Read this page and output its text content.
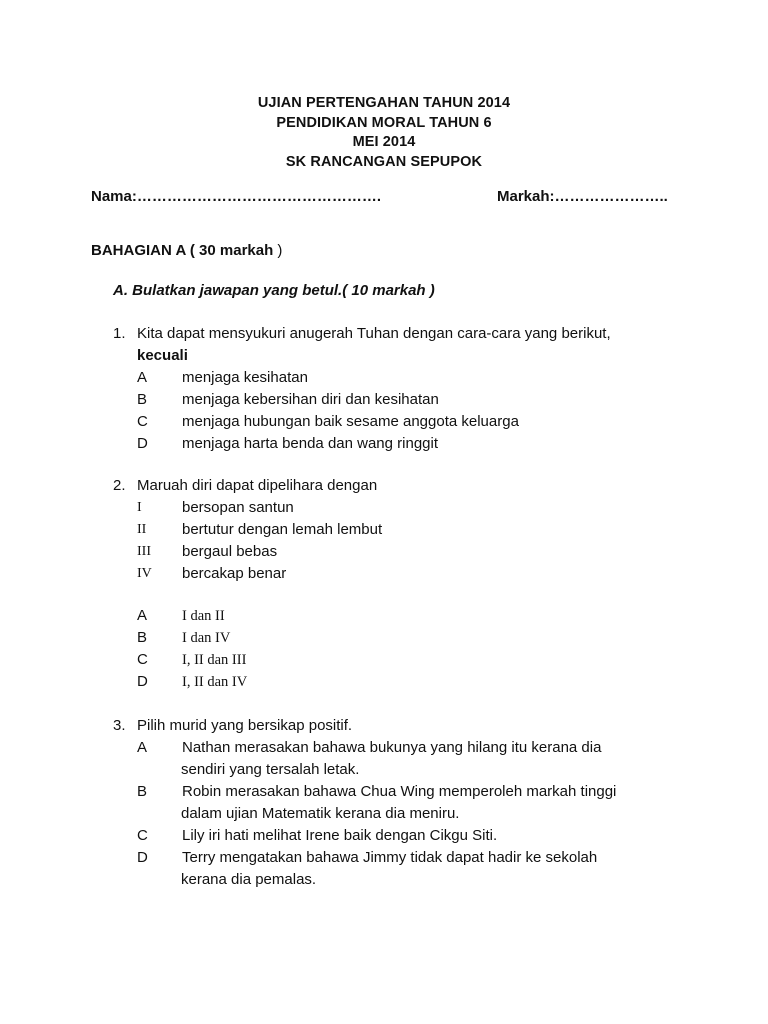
UJIAN PERTENGAHAN TAHUN 2014
PENDIDIKAN MORAL TAHUN 6
MEI 2014
SK RANCANGAN SEPUPOK
Nama:………………………………………….	Markah:…………………..
BAHAGIAN A ( 30 markah )
A. Bulatkan jawapan yang betul.( 10 markah )
1. Kita dapat mensyukuri anugerah Tuhan dengan cara-cara yang berikut,
kecuali
A	menjaga kesihatan
B	menjaga kebersihan diri dan kesihatan
C	menjaga hubungan baik sesame anggota keluarga
D	menjaga harta benda dan wang ringgit
2. Maruah diri dapat dipelihara dengan
I	bersopan santun
II	bertutur dengan lemah lembut
III	bergaul bebas
IV	bercakap benar
A	I dan II
B	I dan IV
C	I, II dan III
D	I, II dan IV
3. Pilih murid yang bersikap positif.
A	Nathan merasakan bahawa bukunya yang hilang itu kerana dia
sendiri yang tersalah letak.
B	Robin merasakan bahawa Chua Wing memperoleh markah tinggi
dalam ujian Matematik kerana dia meniru.
C	Lily iri hati melihat Irene baik dengan Cikgu Siti.
D	Terry mengatakan bahawa Jimmy tidak dapat hadir ke sekolah
kerana dia pemalas.
